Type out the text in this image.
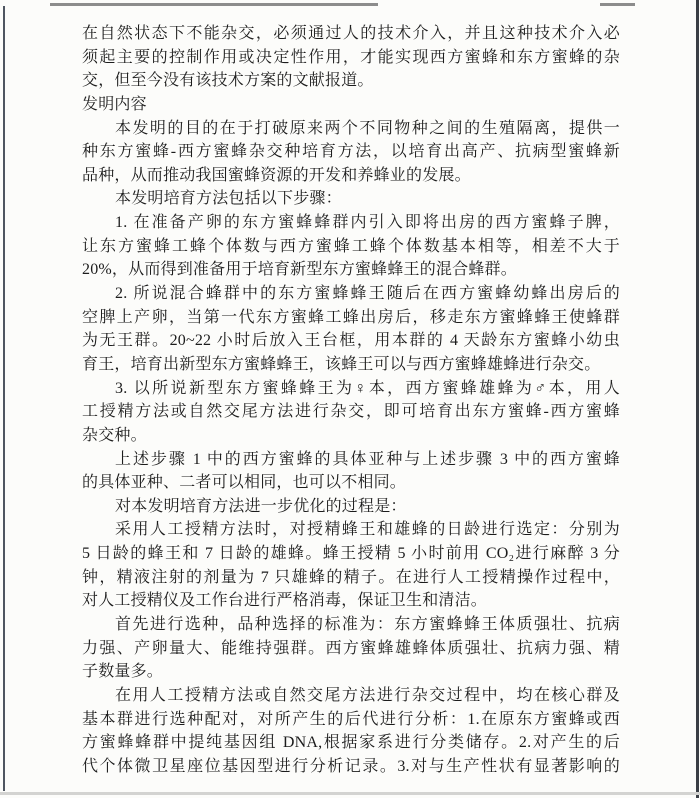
在自然状态下不能杂交，必须通过人的技术介入，并且这种技术介入必
须起主要的控制作用或决定性作用，才能实现西方蜜蜂和东方蜜蜂的杂
交，但至今没有该技术方案的文献报道。
发明内容
本发明的目的在于打破原来两个不同物种之间的生殖隔离，提供一
种东方蜜蜂-西方蜜蜂杂交种培育方法，以培育出高产、抗病型蜜蜂新
品种，从而推动我国蜜蜂资源的开发和养蜂业的发展。
本发明培育方法包括以下步骤：
1. 在准备产卵的东方蜜蜂蜂群内引入即将出房的西方蜜蜂子脾，
让东方蜜蜂工蜂个体数与西方蜜蜂工蜂个体数基本相等，相差不大于
20%，从而得到准备用于培育新型东方蜜蜂蜂王的混合蜂群。
2. 所说混合蜂群中的东方蜜蜂蜂王随后在西方蜜蜂幼蜂出房后的
空脾上产卵，当第一代东方蜜蜂工蜂出房后，移走东方蜜蜂蜂王使蜂群
为无王群。20~22 小时后放入王台框，用本群的 4 天龄东方蜜蜂小幼虫
育王，培育出新型东方蜜蜂蜂王，该蜂王可以与西方蜜蜂雄蜂进行杂交。
3. 以所说新型东方蜜蜂蜂王为♀本，西方蜜蜂雄蜂为♂本，用人
工授精方法或自然交尾方法进行杂交，即可培育出东方蜜蜂-西方蜜蜂
杂交种。
上述步骤 1 中的西方蜜蜂的具体亚种与上述步骤 3 中的西方蜜蜂
的具体亚种、二者可以相同，也可以不相同。
对本发明培育方法进一步优化的过程是：
采用人工授精方法时，对授精蜂王和雄蜂的日龄进行选定：分别为
5 日龄的蜂王和 7 日龄的雄蜂。蜂王授精 5 小时前用 CO₂进行麻醉 3 分
钟，精液注射的剂量为 7 只雄蜂的精子。在进行人工授精操作过程中，
对人工授精仪及工作台进行严格消毒，保证卫生和清洁。
首先进行选种，品种选择的标准为：东方蜜蜂蜂王体质强壮、抗病
力强、产卵量大、能维持强群。西方蜜蜂雄蜂体质强壮、抗病力强、精
子数量多。
在用人工授精方法或自然交尾方法进行杂交过程中，均在核心群及
基本群进行选种配对，对所产生的后代进行分析：1.在原东方蜜蜂或西
方蜜蜂蜂群中提纯基因组 DNA,根据家系进行分类储存。2.对产生的后
代个体微卫星座位基因型进行分析记录。3.对与生产性状有显著影响的
